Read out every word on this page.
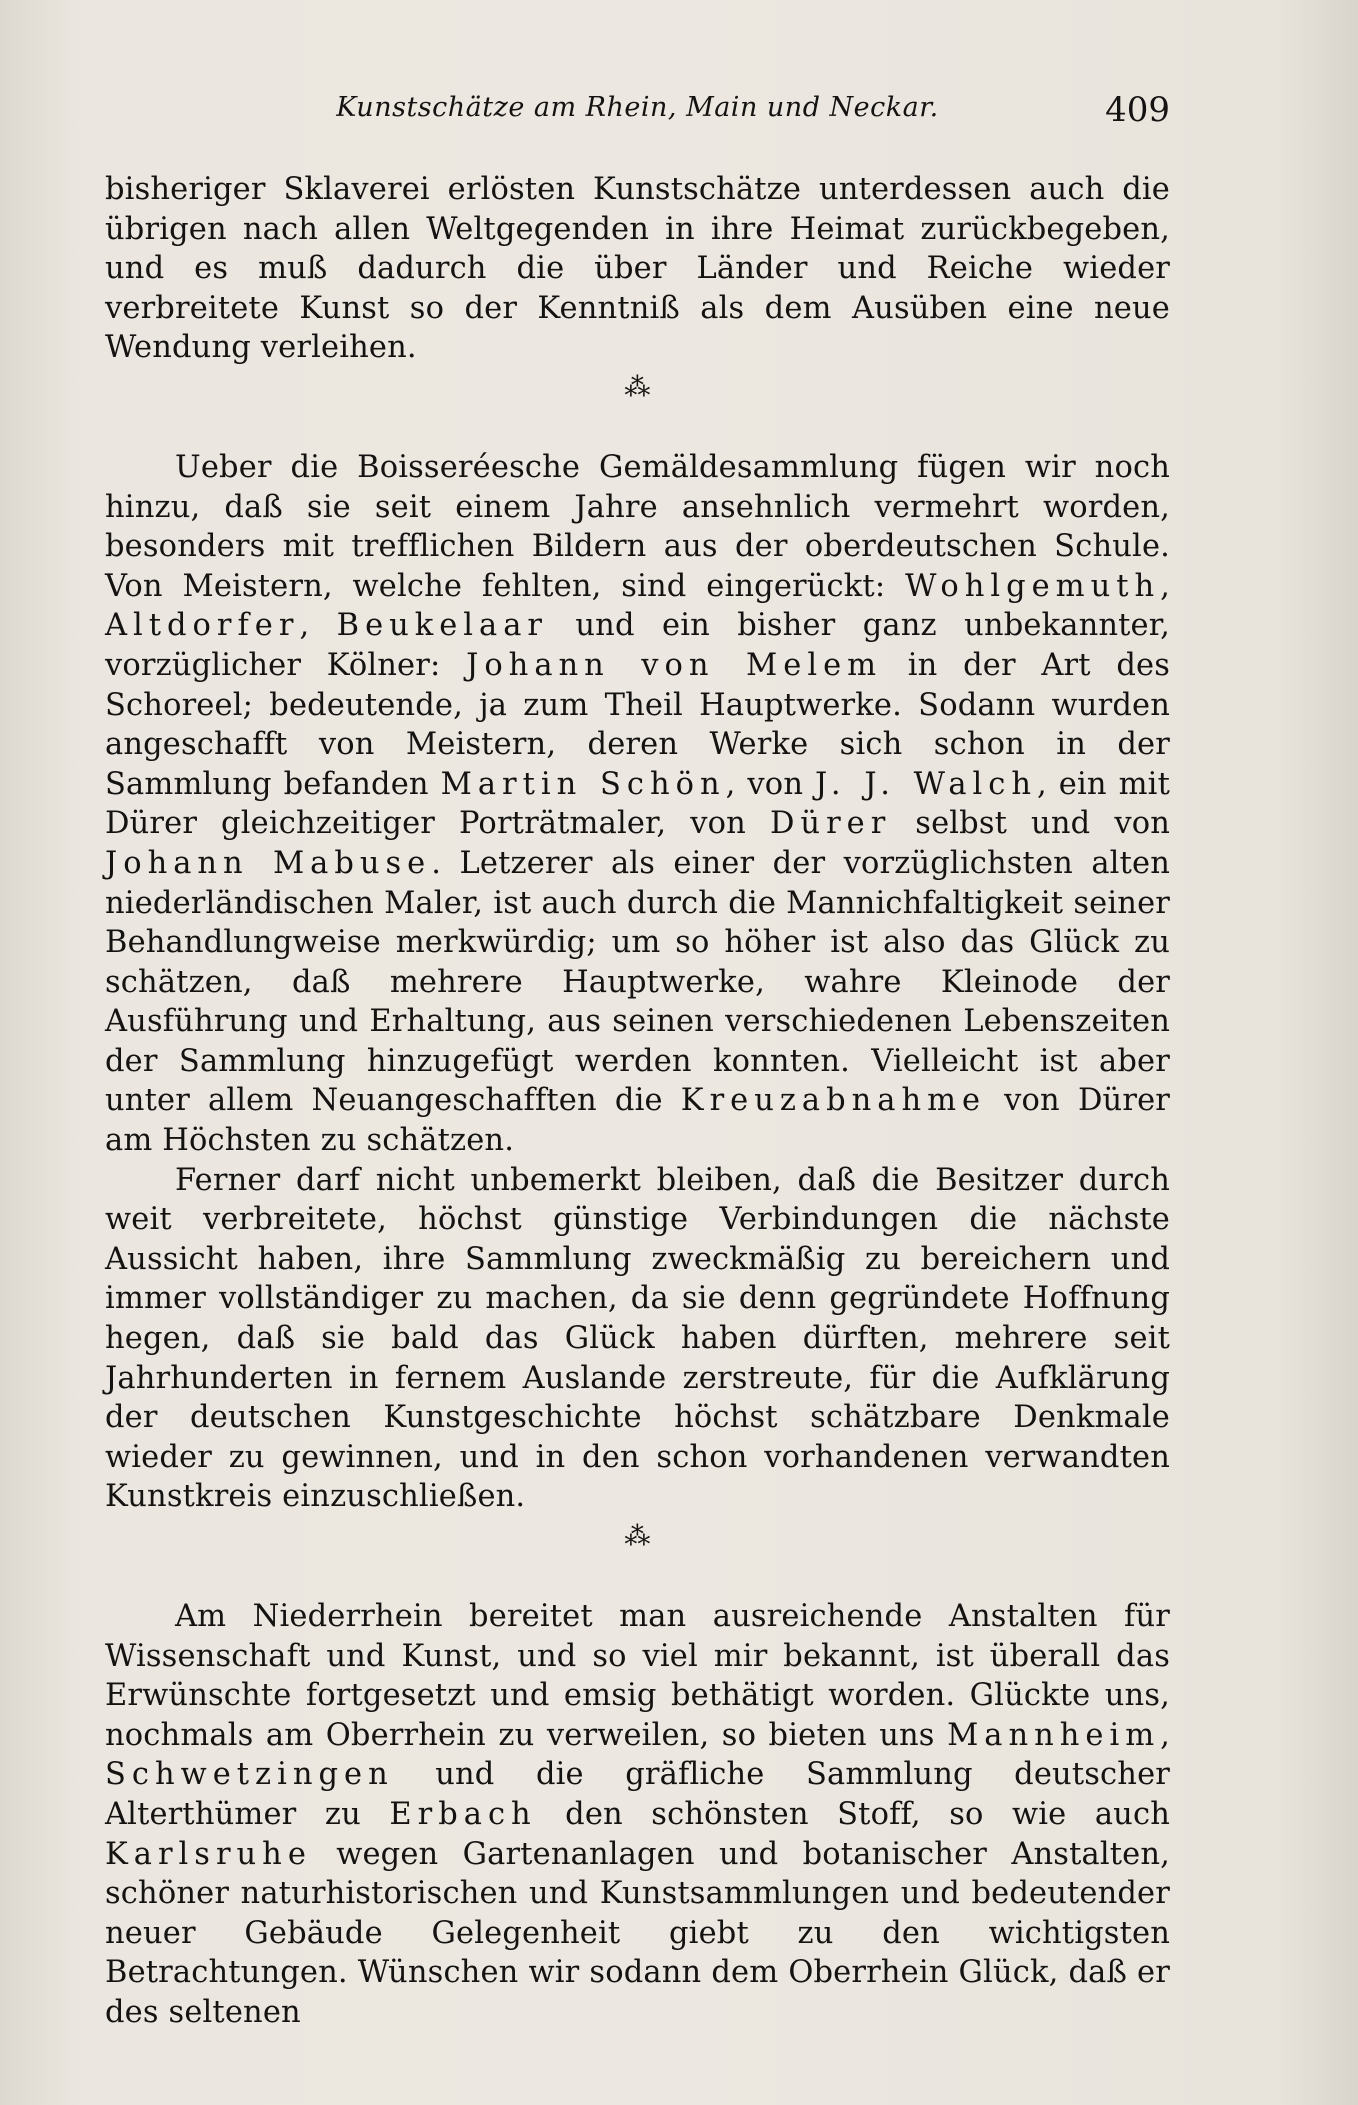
Kunstschätze am Rhein, Main und Neckar.	409

bisheriger Sklaverei erlösten Kunstschätze unterdessen auch die übrigen nach allen Weltgegenden in ihre Heimat zurückbegeben, und es muß dadurch die über Länder und Reiche wieder verbreitete Kunst so der Kenntniß als dem Ausüben eine neue Wendung verleihen.

⁂

Ueber die Boisseréesche Gemäldesammlung fügen wir noch hinzu, daß sie seit einem Jahre ansehnlich vermehrt worden, besonders mit trefflichen Bildern aus der oberdeutschen Schule. Von Meistern, welche fehlten, sind eingerückt: Wohlgemuth, Altdorfer, Beukelaar und ein bisher ganz unbekannter, vorzüglicher Kölner: Johann von Melem in der Art des Schoreel; bedeutende, ja zum Theil Hauptwerke. Sodann wurden angeschafft von Meistern, deren Werke sich schon in der Sammlung befanden Martin Schön, von J. J. Walch, ein mit Dürer gleichzeitiger Porträtmaler, von Dürer selbst und von Johann Mabuse. Letzerer als einer der vorzüglichsten alten niederländischen Maler, ist auch durch die Mannichfaltigkeit seiner Behandlungweise merkwürdig; um so höher ist also das Glück zu schätzen, daß mehrere Hauptwerke, wahre Kleinode der Ausführung und Erhaltung, aus seinen verschiedenen Lebenszeiten der Sammlung hinzugefügt werden konnten. Vielleicht ist aber unter allem Neuangeschafften die Kreuzabnahme von Dürer am Höchsten zu schätzen.

Ferner darf nicht unbemerkt bleiben, daß die Besitzer durch weit verbreitete, höchst günstige Verbindungen die nächste Aussicht haben, ihre Sammlung zweckmäßig zu bereichern und immer vollständiger zu machen, da sie denn gegründete Hoffnung hegen, daß sie bald das Glück haben dürften, mehrere seit Jahrhunderten in fernem Auslande zerstreute, für die Aufklärung der deutschen Kunstgeschichte höchst schätzbare Denkmale wieder zu gewinnen, und in den schon vorhandenen verwandten Kunstkreis einzuschließen.

⁂

Am Niederrhein bereitet man ausreichende Anstalten für Wissenschaft und Kunst, und so viel mir bekannt, ist überall das Erwünschte fortgesetzt und emsig bethätigt worden. Glückte uns, nochmals am Oberrhein zu verweilen, so bieten uns Mannheim, Schwetzingen und die gräfliche Sammlung deutscher Alterthümer zu Erbach den schönsten Stoff, so wie auch Karlsruhe wegen Gartenanlagen und botanischer Anstalten, schöner naturhistorischen und Kunstsammlungen und bedeutender neuer Gebäude Gelegenheit giebt zu den wichtigsten Betrachtungen. Wünschen wir sodann dem Oberrhein Glück, daß er des seltenen
